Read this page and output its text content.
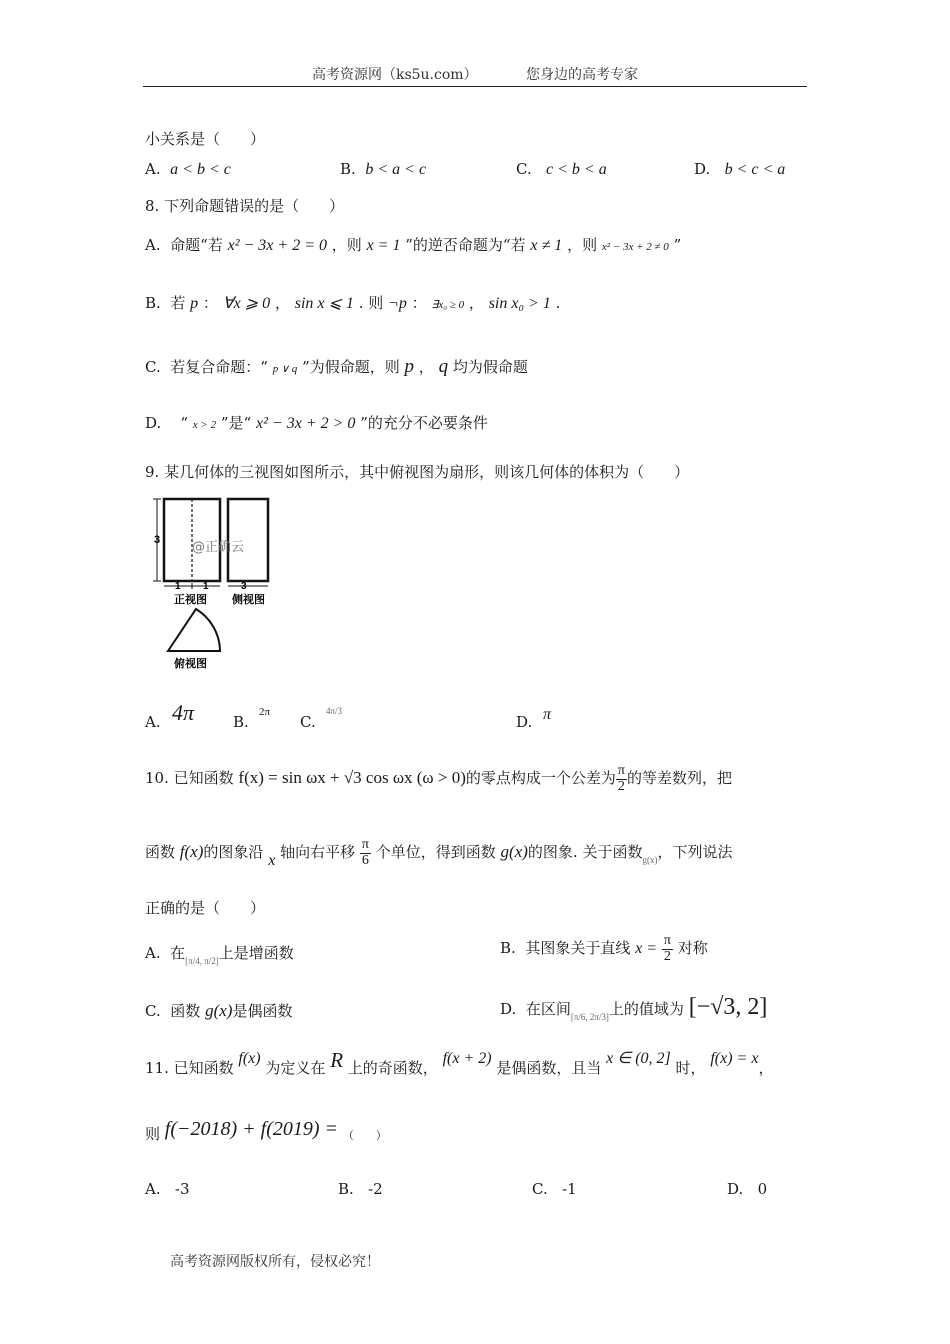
高考资源网（ks5u.com）	您身边的高考专家
小关系是（　　）
A. a < b < c	B. b < a < c	C. c < b < a	D. b < c < a
8. 下列命题错误的是（　　）
A. 命题“若 x² − 3x + 2 = 0 ，则 x = 1 ”的逆否命题为“若 x ≠ 1 ，则 x² − 3x + 2 ≠ 0 ”
B. 若 p ： ∀x ⩾ 0 ， sin x ⩽ 1 . 则 ¬p ： ∃x₀ ≥ 0 ， sin x₀ > 1 .
C. 若复合命题：“ p ∨ q ”为假命题，则 p ， q 均为假命题
D. “ x > 2 ”是“ x² − 3x + 2 > 0 ”的充分不必要条件
9. 某几何体的三视图如图所示，其中俯视图为扇形，则该几何体的体积为（　　）
3
1 1	3
正视图 侧视图
俯视图
@正确云
A. 4π	B.
2π
C.
4π/3
D. π
10. 已知函数 f(x) = sin ωx + √3 cos ωx (ω > 0)的零点构成一个公差为 $\frac{\pi}{2}$ 的等差数列，把
函数 f(x)的图象沿 x 轴向右平移 $\frac{\pi}{6}$ 个单位，得到函数 g(x)的图象. 关于函数$_{g(x)}$，下列说法
正确的是（　　）
A. 在$_{[\pi/4, \pi/2]}$上是增函数	B. 其图象关于直线 $x = \frac{\pi}{2}$ 对称
C. 函数 g(x)是偶函数	D. 在区间$_{[\pi/6, 2\pi/3]}$上的值域为 [−√3, 2]
11. 已知函数 f(x) 为定义在 R 上的奇函数， f(x + 2) 是偶函数，且当 x ∈ (0, 2] 时， f(x) = x，
则 f(−2018) + f(2019) = （　　）
A. -3	B. -2	C. -1	D. 0
高考资源网版权所有，侵权必究！
